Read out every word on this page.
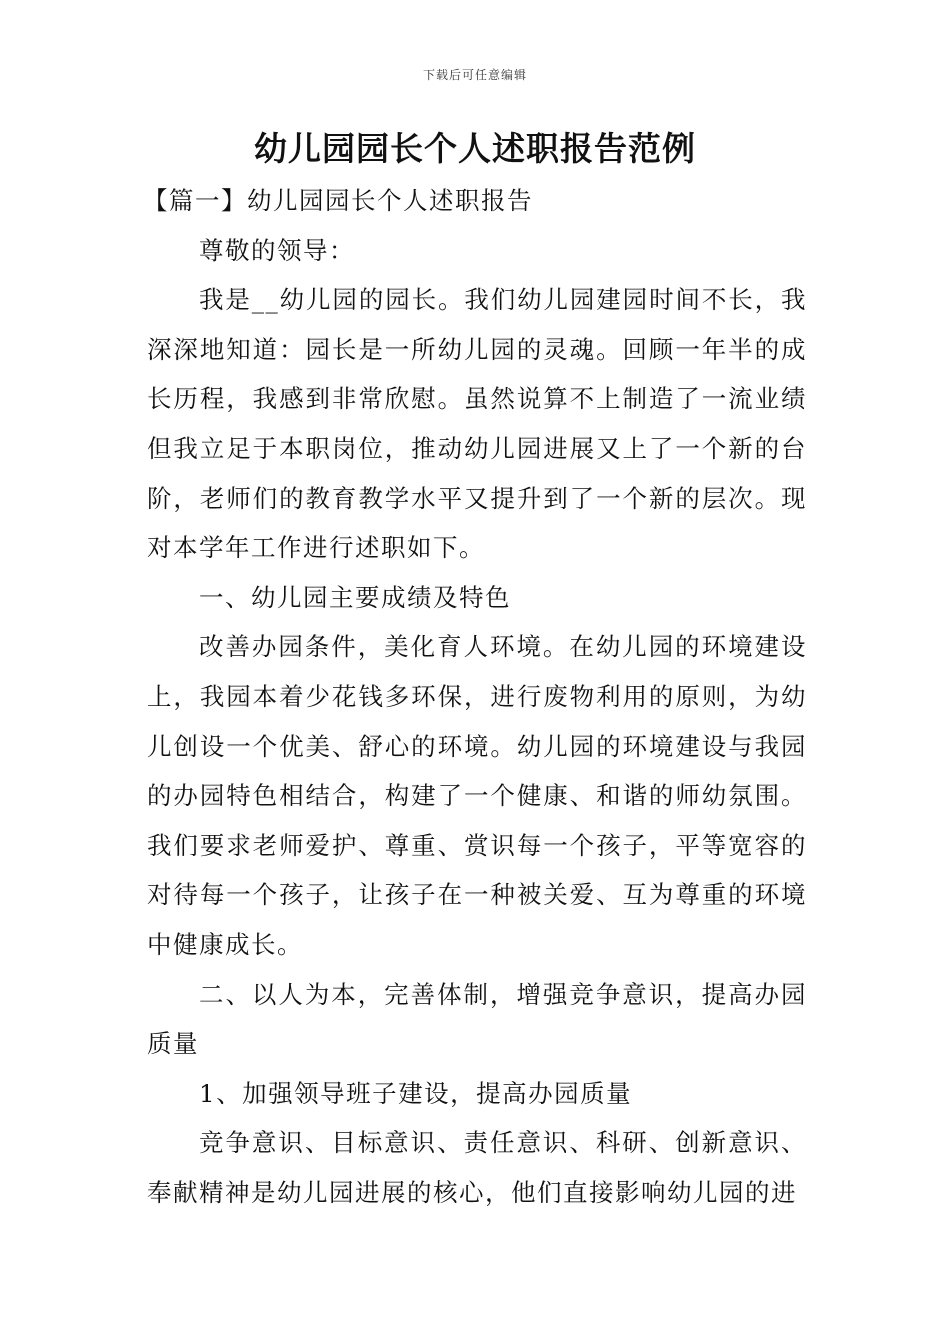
下载后可任意编辑
幼儿园园长个人述职报告范例

【篇一】幼儿园园长个人述职报告

尊敬的领导：

我是__幼儿园的园长。我们幼儿园建园时间不长，我深深地知道：园长是一所幼儿园的灵魂。回顾一年半的成长历程，我感到非常欣慰。虽然说算不上制造了一流业绩但我立足于本职岗位，推动幼儿园进展又上了一个新的台阶，老师们的教育教学水平又提升到了一个新的层次。现对本学年工作进行述职如下。

一、幼儿园主要成绩及特色

改善办园条件，美化育人环境。在幼儿园的环境建设上，我园本着少花钱多环保，进行废物利用的原则，为幼儿创设一个优美、舒心的环境。幼儿园的环境建设与我园的办园特色相结合，构建了一个健康、和谐的师幼氛围。我们要求老师爱护、尊重、赏识每一个孩子，平等宽容的对待每一个孩子，让孩子在一种被关爱、互为尊重的环境中健康成长。

二、以人为本，完善体制，增强竞争意识，提高办园质量

1、加强领导班子建设，提高办园质量

竞争意识、目标意识、责任意识、科研、创新意识、奉献精神是幼儿园进展的核心，他们直接影响幼儿园的进
